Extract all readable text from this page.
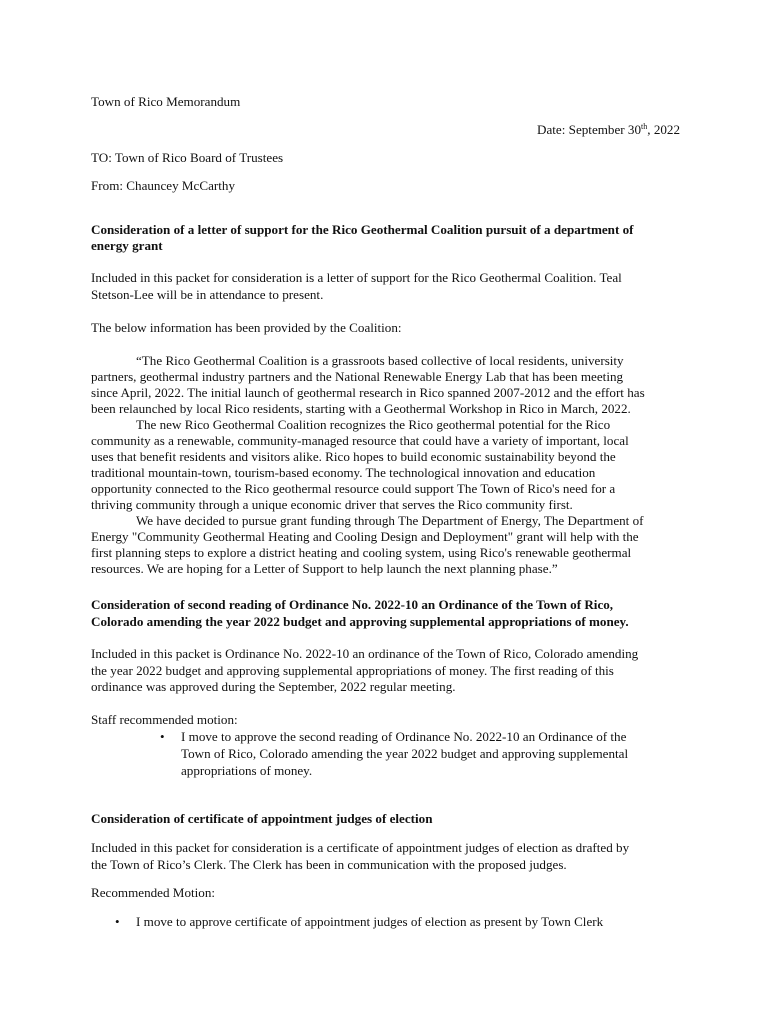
Town of Rico Memorandum
Date: September 30th, 2022
TO: Town of Rico Board of Trustees
From: Chauncey McCarthy
Consideration of a letter of support for the Rico Geothermal Coalition pursuit of a department of
energy grant
Included in this packet for consideration is a letter of support for the Rico Geothermal Coalition. Teal
Stetson-Lee will be in attendance to present.
The below information has been provided by the Coalition:
“The Rico Geothermal Coalition is a grassroots based collective of local residents, university
partners, geothermal industry partners and the National Renewable Energy Lab that has been meeting
since April, 2022. The initial launch of geothermal research in Rico spanned 2007-2012 and the effort has
been relaunched by local Rico residents, starting with a Geothermal Workshop in Rico in March, 2022.
The new Rico Geothermal Coalition recognizes the Rico geothermal potential for the Rico
community as a renewable, community-managed resource that could have a variety of important, local
uses that benefit residents and visitors alike. Rico hopes to build economic sustainability beyond the
traditional mountain-town, tourism-based economy. The technological innovation and education
opportunity connected to the Rico geothermal resource could support The Town of Rico's need for a
thriving community through a unique economic driver that serves the Rico community first.
We have decided to pursue grant funding through The Department of Energy, The Department of
Energy "Community Geothermal Heating and Cooling Design and Deployment" grant will help with the
first planning steps to explore a district heating and cooling system, using Rico's renewable geothermal
resources. We are hoping for a Letter of Support to help launch the next planning phase.”
Consideration of second reading of Ordinance No. 2022-10 an Ordinance of the Town of Rico,
Colorado amending the year 2022 budget and approving supplemental appropriations of money.
Included in this packet is Ordinance No. 2022-10 an ordinance of the Town of Rico, Colorado amending
the year 2022 budget and approving supplemental appropriations of money. The first reading of this
ordinance was approved during the September, 2022 regular meeting.
Staff recommended motion:
• I move to approve the second reading of Ordinance No. 2022-10 an Ordinance of the
Town of Rico, Colorado amending the year 2022 budget and approving supplemental
appropriations of money.
Consideration of certificate of appointment judges of election
Included in this packet for consideration is a certificate of appointment judges of election as drafted by
the Town of Rico’s Clerk. The Clerk has been in communication with the proposed judges.
Recommended Motion:
• I move to approve certificate of appointment judges of election as present by Town Clerk
